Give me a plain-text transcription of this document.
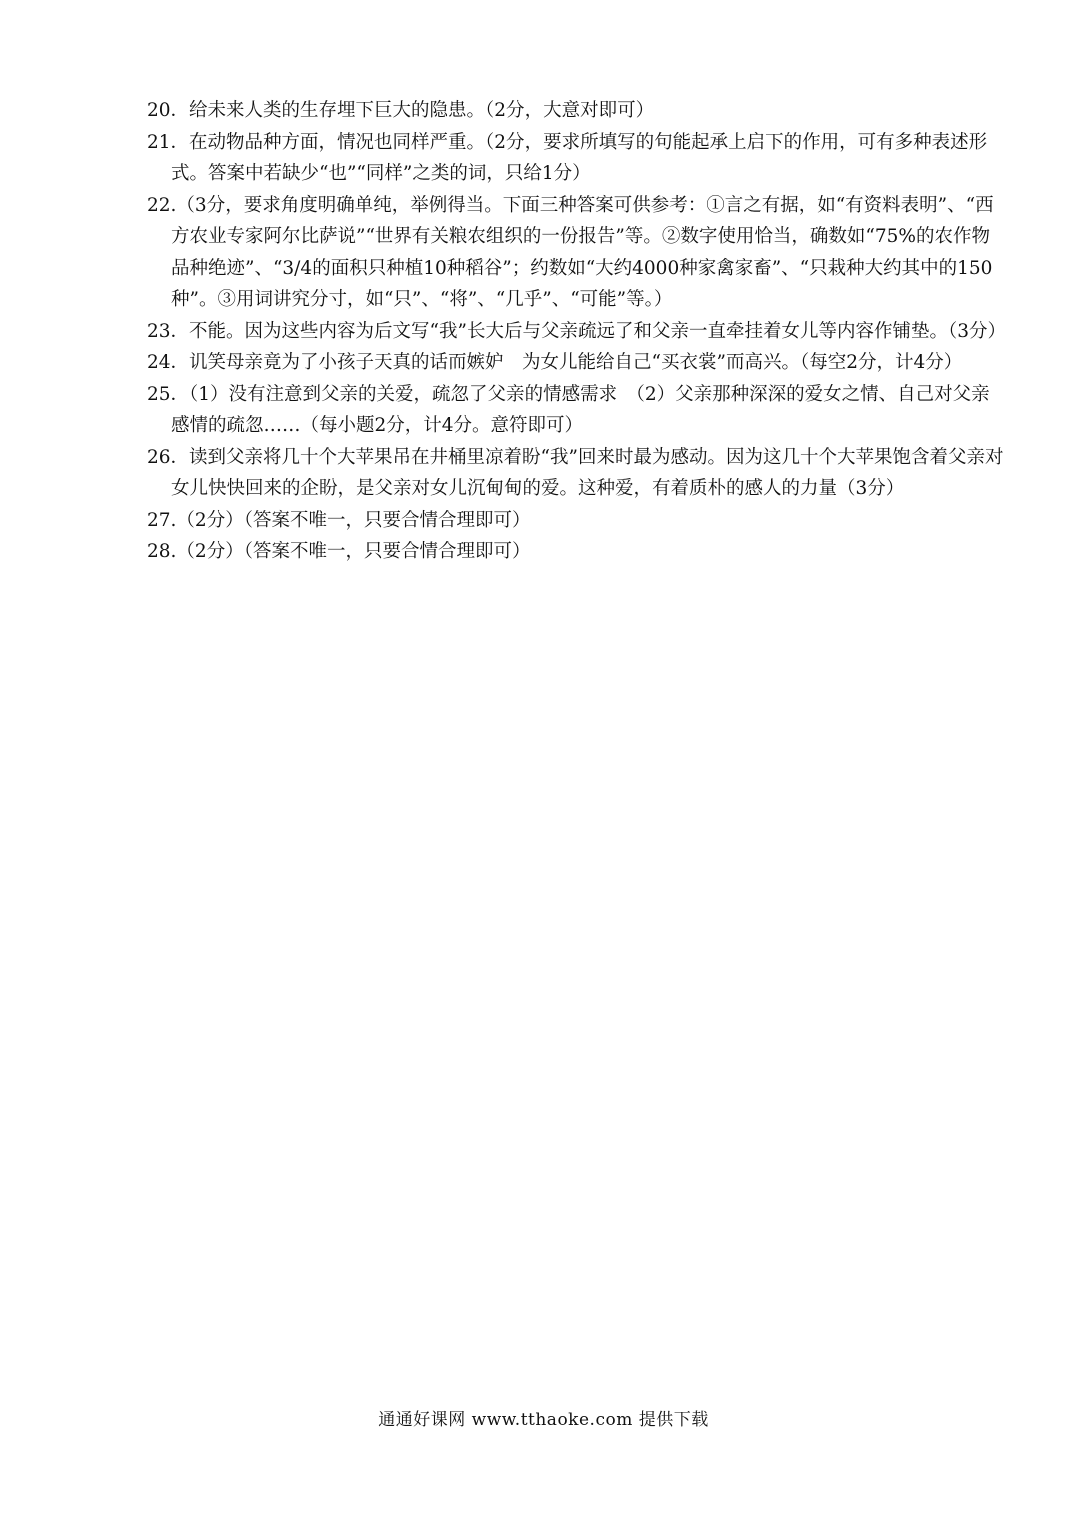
20．给未来人类的生存埋下巨大的隐患。（2分，大意对即可）

21．在动物品种方面，情况也同样严重。（2分，要求所填写的句能起承上启下的作用，可有多种表述形式。答案中若缺少“也”“同样”之类的词，只给1分）

22.（3分，要求角度明确单纯，举例得当。下面三种答案可供参考：①言之有据，如“有资料表明”、“西方农业专家阿尔比萨说”“世界有关粮农组织的一份报告”等。②数字使用恰当，确数如“75%的农作物品种绝迹”、“3/4的面积只种植10种稻谷”；约数如“大约4000种家禽家畜”、“只栽种大约其中的150种”。③用词讲究分寸，如“只”、“将”、“几乎”、“可能”等。）

23．不能。因为这些内容为后文写“我”长大后与父亲疏远了和父亲一直牵挂着女儿等内容作铺垫。（3分）

24．讥笑母亲竟为了小孩子天真的话而嫉妒　为女儿能给自己“买衣裳”而高兴。（每空2分，计4分）

25．（1）没有注意到父亲的关爱，疏忽了父亲的情感需求　（2）父亲那种深深的爱女之情、自己对父亲感情的疏忽……（每小题2分，计4分。意符即可）

26．读到父亲将几十个大苹果吊在井桶里凉着盼“我”回来时最为感动。因为这几十个大苹果饱含着父亲对女儿快快回来的企盼，是父亲对女儿沉甸甸的爱。这种爱，有着质朴的感人的力量（3分）

27.（2分）（答案不唯一，只要合情合理即可）

28.（2分）（答案不唯一，只要合情合理即可）

通通好课网 www.tthaoke.com 提供下载
